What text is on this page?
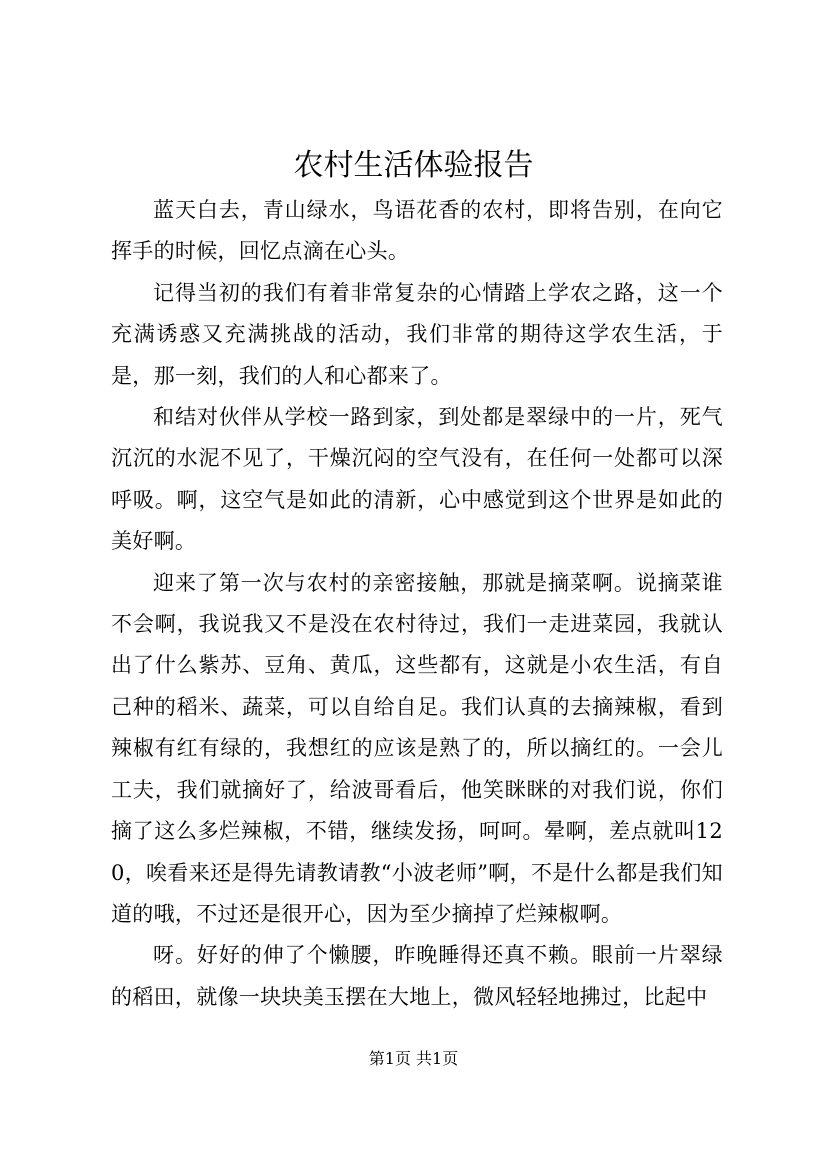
农村生活体验报告

蓝天白去，青山绿水，鸟语花香的农村，即将告别，在向它挥手的时候，回忆点滴在心头。

记得当初的我们有着非常复杂的心情踏上学农之路，这一个充满诱惑又充满挑战的活动，我们非常的期待这学农生活，于是，那一刻，我们的人和心都来了。

和结对伙伴从学校一路到家，到处都是翠绿中的一片，死气沉沉的水泥不见了，干燥沉闷的空气没有，在任何一处都可以深呼吸。啊，这空气是如此的清新，心中感觉到这个世界是如此的美好啊。

迎来了第一次与农村的亲密接触，那就是摘菜啊。说摘菜谁不会啊，我说我又不是没在农村待过，我们一走进菜园，我就认出了什么紫苏、豆角、黄瓜，这些都有，这就是小农生活，有自己种的稻米、蔬菜，可以自给自足。我们认真的去摘辣椒，看到辣椒有红有绿的，我想红的应该是熟了的，所以摘红的。一会儿工夫，我们就摘好了，给波哥看后，他笑眯眯的对我们说，你们摘了这么多烂辣椒，不错，继续发扬，呵呵。晕啊，差点就叫120，唉看来还是得先请教请教“小波老师”啊，不是什么都是我们知道的哦，不过还是很开心，因为至少摘掉了烂辣椒啊。

呀。好好的伸了个懒腰，昨晚睡得还真不赖。眼前一片翠绿的稻田，就像一块块美玉摆在大地上，微风轻轻地拂过，比起中

第1页 共1页
